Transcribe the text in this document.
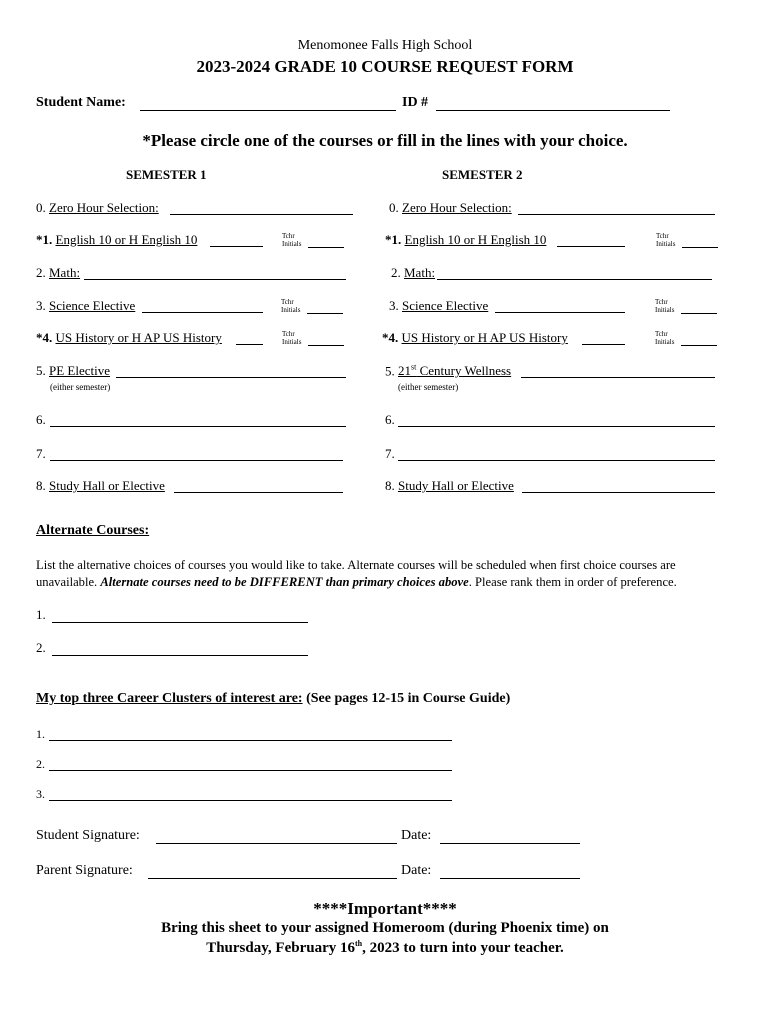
Menomonee Falls High School
2023-2024 GRADE 10 COURSE REQUEST FORM
Student Name:	ID #
*Please circle one of the courses or fill in the lines with your choice.
SEMESTER 1	SEMESTER 2
0. Zero Hour Selection:
*1. English 10 or H English 10	Tchr Initials
2. Math:
3. Science Elective	Tchr Initials
*4. US History or H AP US History	Tchr Initials
5. PE Elective
(either semester)
6.
7.
8. Study Hall or Elective
0. Zero Hour Selection:
*1. English 10 or H English 10	Tchr Initials
2. Math:
3. Science Elective	Tchr Initials
*4. US History or H AP US History	Tchr Initials
5. 21st Century Wellness
(either semester)
6.
7.
8. Study Hall or Elective
Alternate Courses:
List the alternative choices of courses you would like to take. Alternate courses will be scheduled when first choice courses are
unavailable. Alternate courses need to be DIFFERENT than primary choices above. Please rank them in order of preference.
1.
2.
My top three Career Clusters of interest are: (See pages 12-15 in Course Guide)
1.
2.
3.
Student Signature:	Date:
Parent Signature:	Date:
****Important****
Bring this sheet to your assigned Homeroom (during Phoenix time) on
Thursday, February 16th, 2023 to turn into your teacher.
